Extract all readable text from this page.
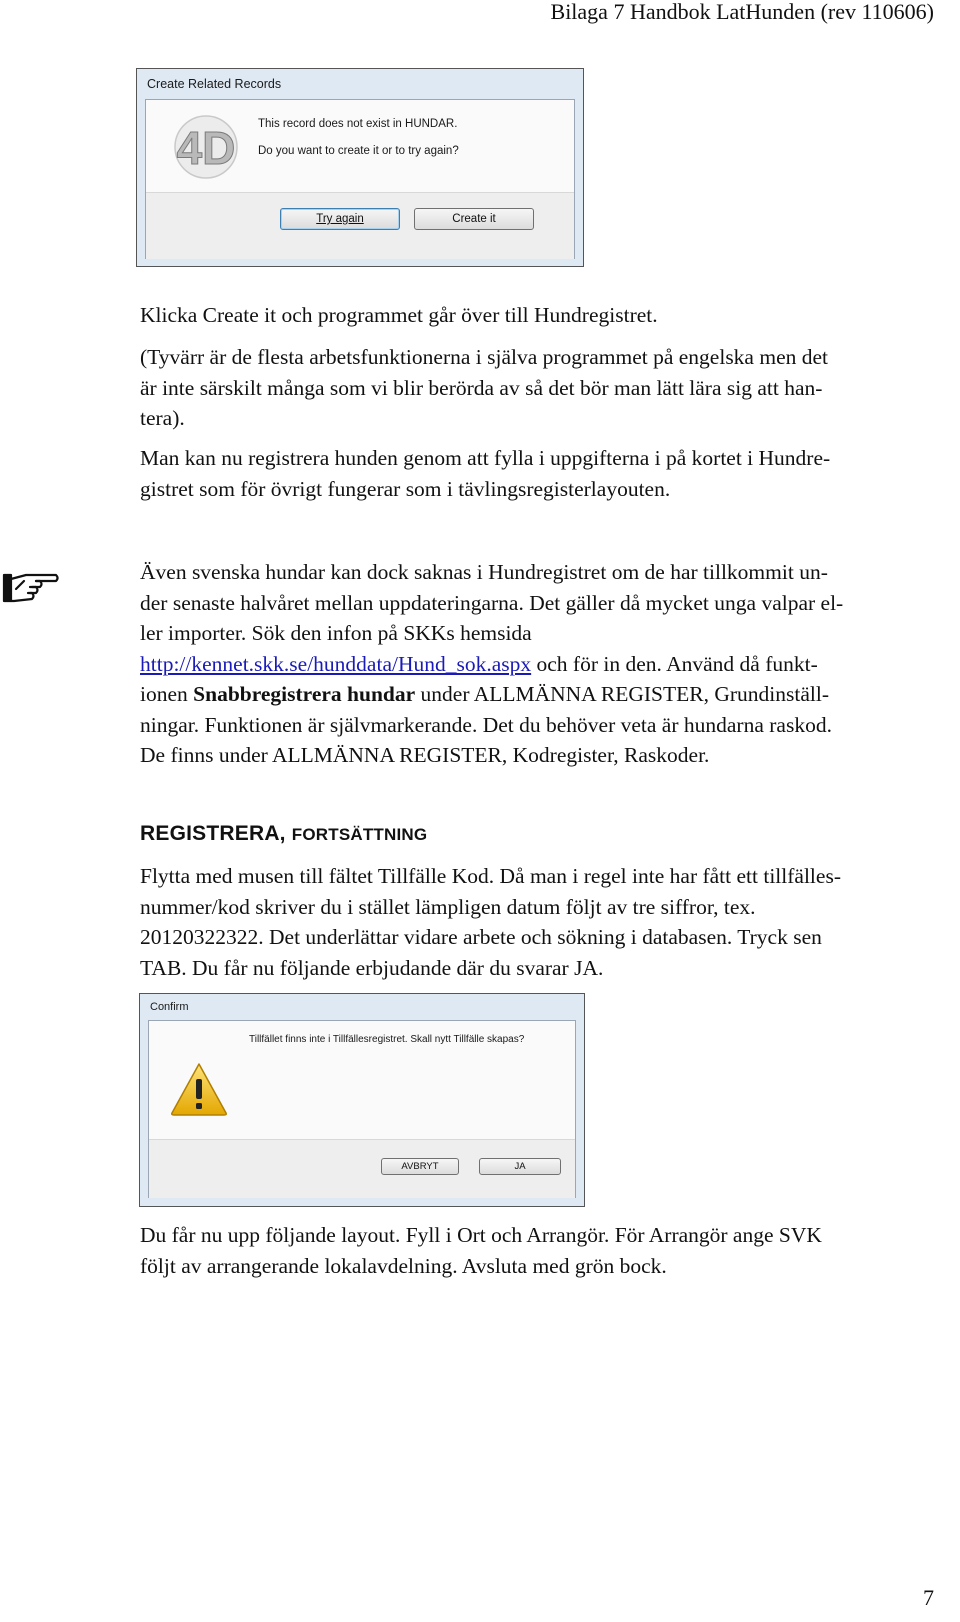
Bilaga 7 Handbok LatHunden (rev 110606)
Create Related Records
4D This record does not exist in HUNDAR.
Do you want to create it or to try again?
Try again	Create it

Klicka Create it och programmet går över till Hundregistret.

(Tyvärr är de flesta arbetsfunktionerna i själva programmet på engelska men det
är inte särskilt många som vi blir berörda av så det bör man lätt lära sig att han-
tera).
Man kan nu registrera hunden genom att fylla i uppgifterna i på kortet i Hundre-
gistret som för övrigt fungerar som i tävlingsregisterlayouten.
Även svenska hundar kan dock saknas i Hundregistret om de har tillkommit un-
der senaste halvåret mellan uppdateringarna. Det gäller då mycket unga valpar el-
ler importer. Sök den infon på SKKs hemsida
http://kennet.skk.se/hunddata/Hund_sok.aspx och för in den. Använd då funkt-
ionen Snabbregistrera hundar under ALLMÄNNA REGISTER, Grundinställ-
ningar. Funktionen är självmarkerande. Det du behöver veta är hundarna raskod.
De finns under ALLMÄNNA REGISTER, Kodregister, Raskoder.
REGISTRERA, FORTSÄTTNING
Flytta med musen till fältet Tillfälle Kod. Då man i regel inte har fått ett tillfälles-
nummer/kod skriver du i stället lämpligen datum följt av tre siffror, tex.
20120322322. Det underlättar vidare arbete och sökning i databasen. Tryck sen
TAB. Du får nu följande erbjudande där du svarar JA.
Confirm
Tillfället finns inte i Tillfällesregistret. Skall nytt Tillfälle skapas?
AVBRYT	JA
Du får nu upp följande layout. Fyll i Ort och Arrangör. För Arrangör ange SVK
följt av arrangerande lokalavdelning. Avsluta med grön bock.
7
